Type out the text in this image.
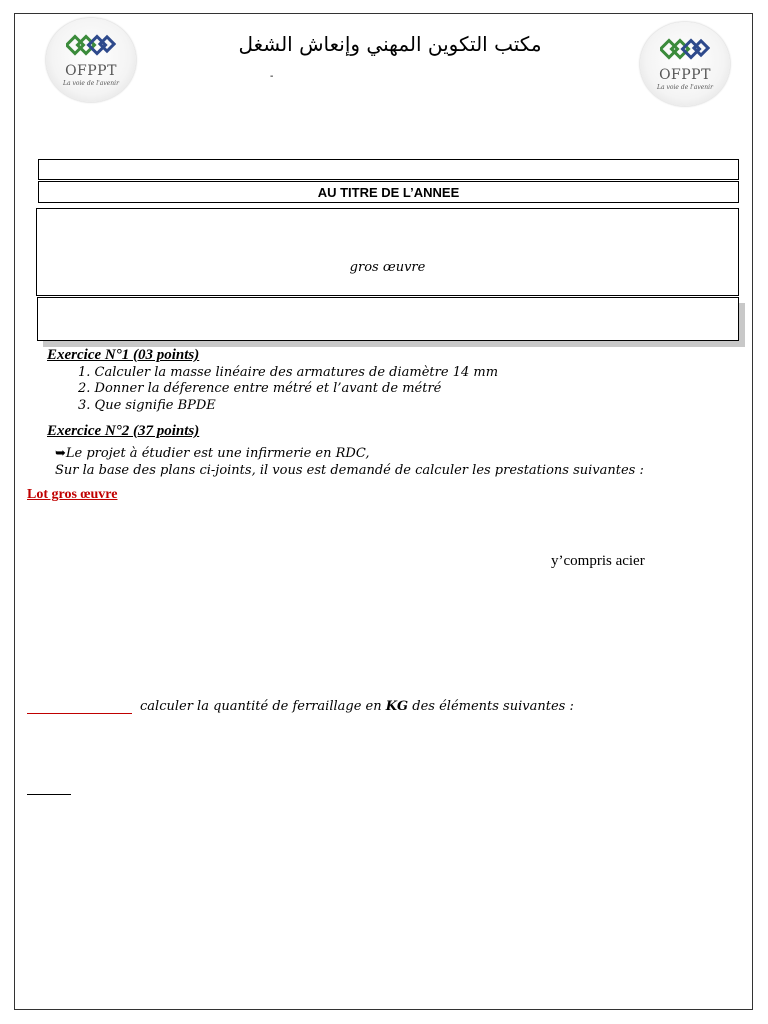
OFPPT
La voie de l'avenir
OFPPT
La voie de l'avenir
مكتب التكوين المهني وإنعاش الشغل
-
AU TITRE DE L’ANNEE
gros œuvre
Exercice N°1 (03 points)
1. Calculer la masse linéaire des armatures de diamètre 14 mm
2. Donner la déference entre métré et l’avant de métré
3. Que signifie BPDE
Exercice N°2 (37 points)
➥Le projet à étudier est une infirmerie en RDC,
Sur la base des plans ci-joints, il vous est demandé de calculer les prestations suivantes :
Lot gros œuvre
y’compris acier
calculer la quantité de ferraillage en KG des éléments suivantes :
